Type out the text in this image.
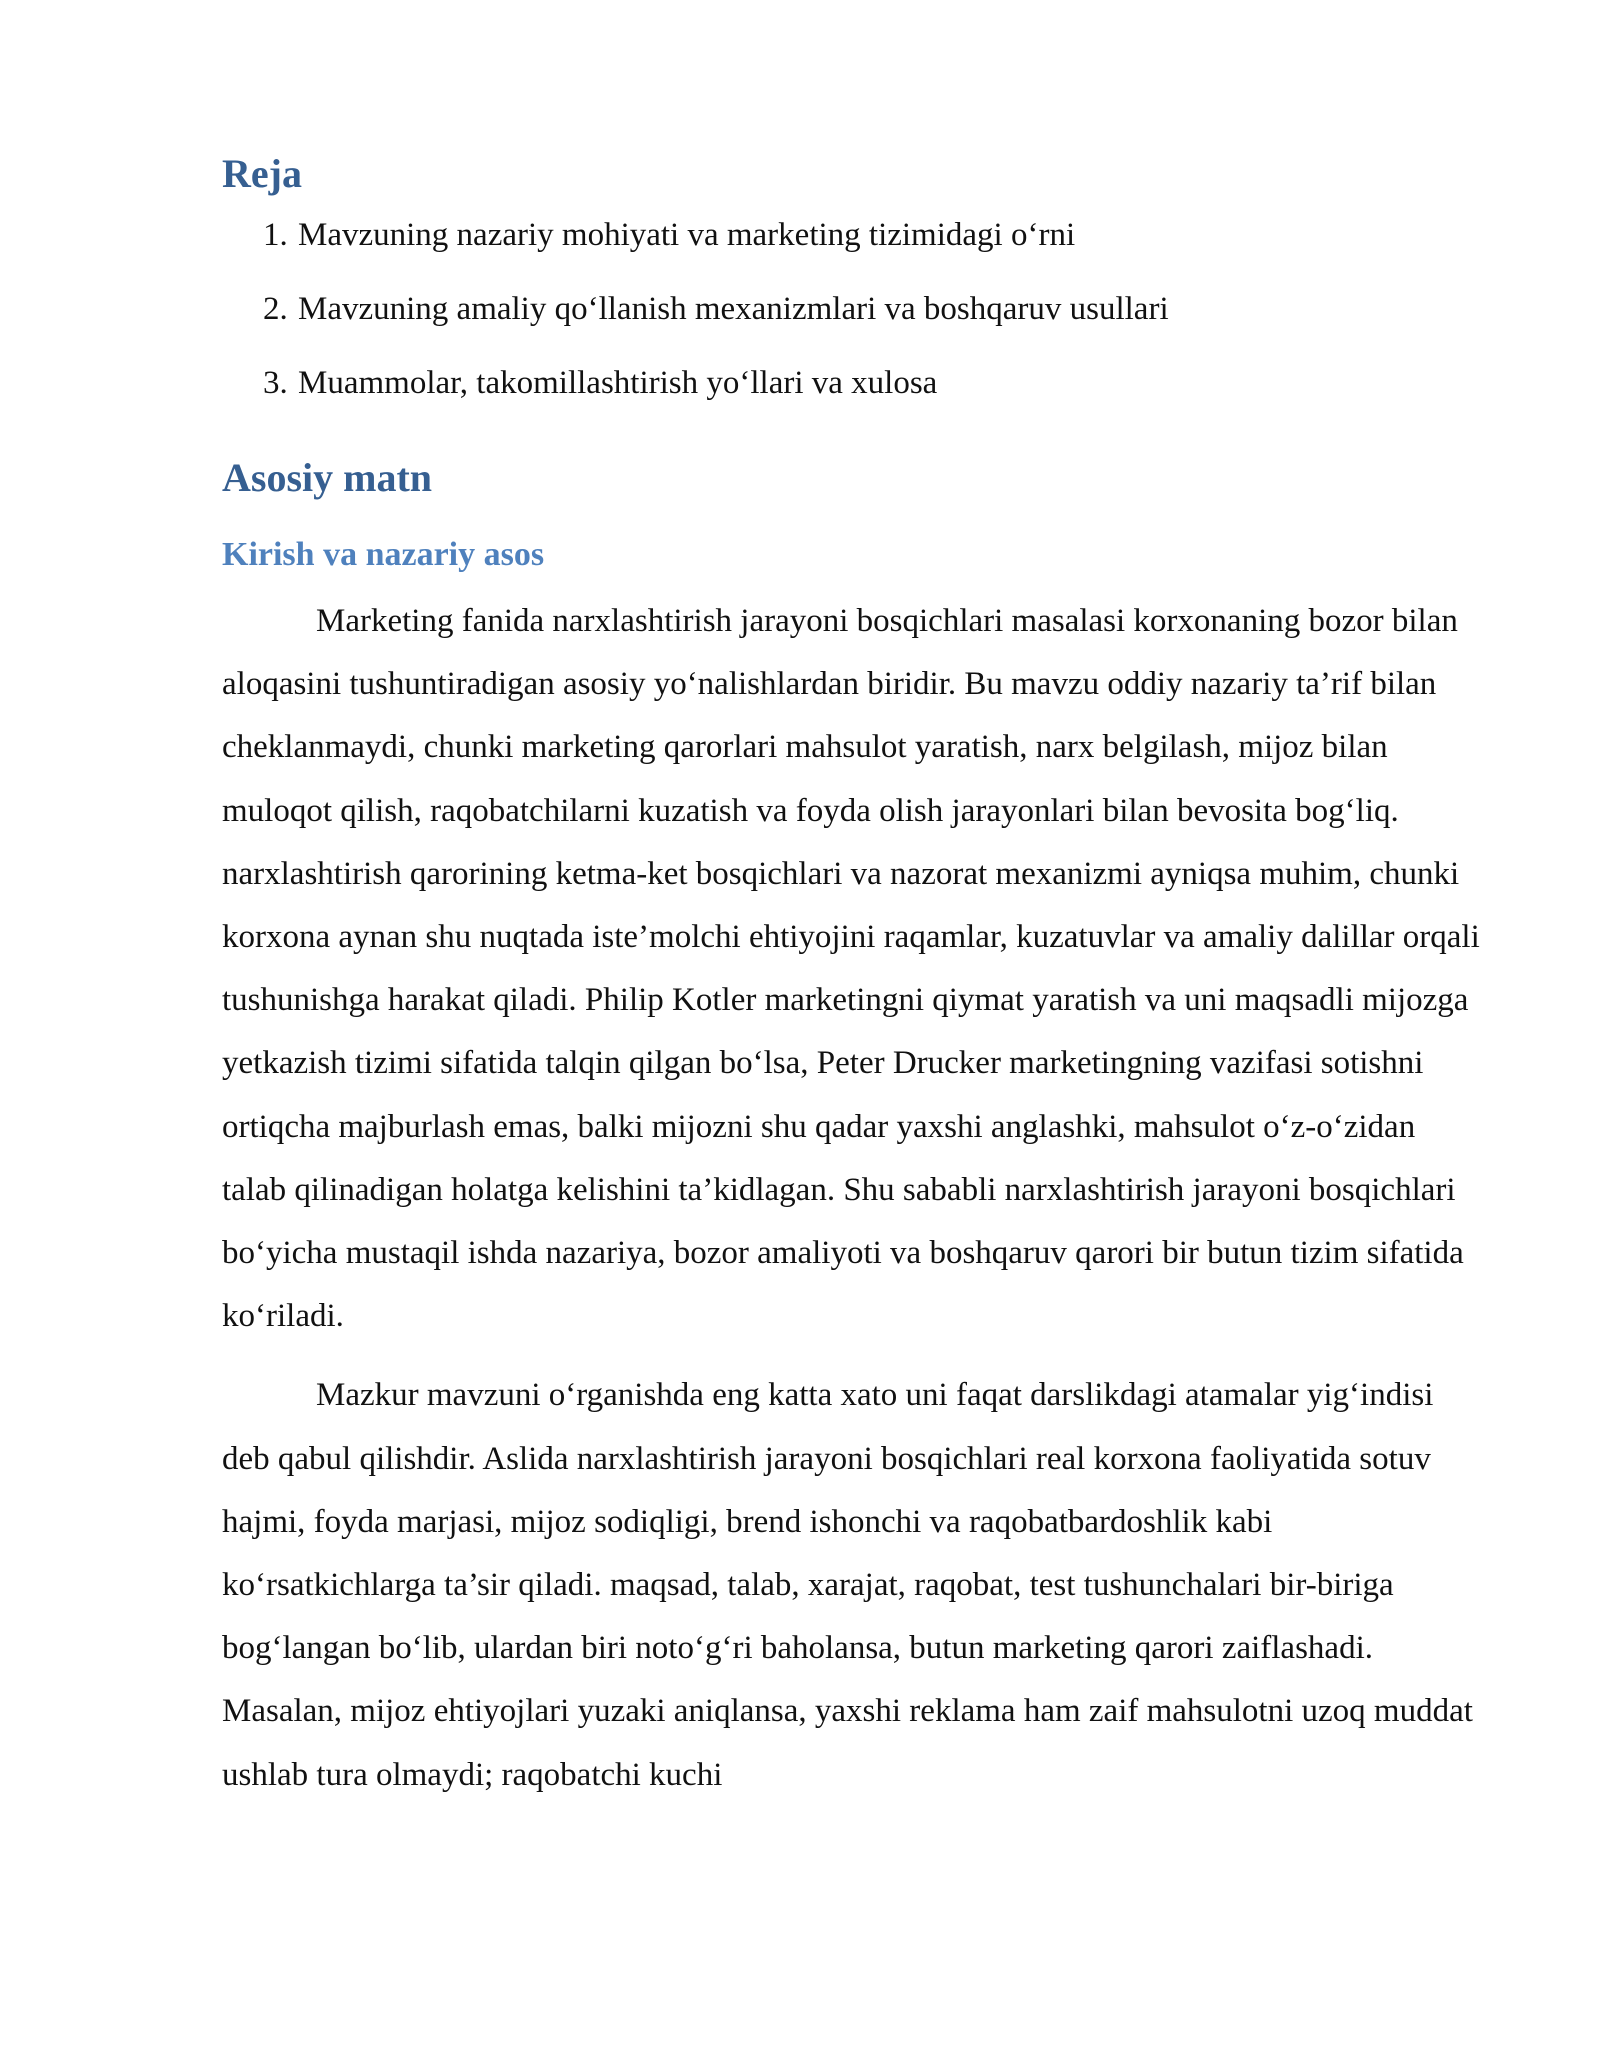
Reja
1. Mavzuning nazariy mohiyati va marketing tizimidagi o‘rni
2. Mavzuning amaliy qo‘llanish mexanizmlari va boshqaruv usullari
3. Muammolar, takomillashtirish yo‘llari va xulosa
Asosiy matn
Kirish va nazariy asos

Marketing fanida narxlashtirish jarayoni bosqichlari masalasi korxonaning bozor bilan aloqasini tushuntiradigan asosiy yo‘nalishlardan biridir. Bu mavzu oddiy nazariy ta’rif bilan cheklanmaydi, chunki marketing qarorlari mahsulot yaratish, narx belgilash, mijoz bilan muloqot qilish, raqobatchilarni kuzatish va foyda olish jarayonlari bilan bevosita bog‘liq. narxlashtirish qarorining ketma-ket bosqichlari va nazorat mexanizmi ayniqsa muhim, chunki korxona aynan shu nuqtada iste’molchi ehtiyojini raqamlar, kuzatuvlar va amaliy dalillar orqali tushunishga harakat qiladi. Philip Kotler marketingni qiymat yaratish va uni maqsadli mijozga yetkazish tizimi sifatida talqin qilgan bo‘lsa, Peter Drucker marketingning vazifasi sotishni ortiqcha majburlash emas, balki mijozni shu qadar yaxshi anglashki, mahsulot o‘z-o‘zidan talab qilinadigan holatga kelishini ta’kidlagan. Shu sababli narxlashtirish jarayoni bosqichlari bo‘yicha mustaqil ishda nazariya, bozor amaliyoti va boshqaruv qarori bir butun tizim sifatida ko‘riladi.

Mazkur mavzuni o‘rganishda eng katta xato uni faqat darslikdagi atamalar yig‘indisi deb qabul qilishdir. Aslida narxlashtirish jarayoni bosqichlari real korxona faoliyatida sotuv hajmi, foyda marjasi, mijoz sodiqligi, brend ishonchi va raqobatbardoshlik kabi ko‘rsatkichlarga ta’sir qiladi. maqsad, talab, xarajat, raqobat, test tushunchalari bir-biriga bog‘langan bo‘lib, ulardan biri noto‘g‘ri baholansa, butun marketing qarori zaiflashadi. Masalan, mijoz ehtiyojlari yuzaki aniqlansa, yaxshi reklama ham zaif mahsulotni uzoq muddat ushlab tura olmaydi; raqobatchi kuchi
